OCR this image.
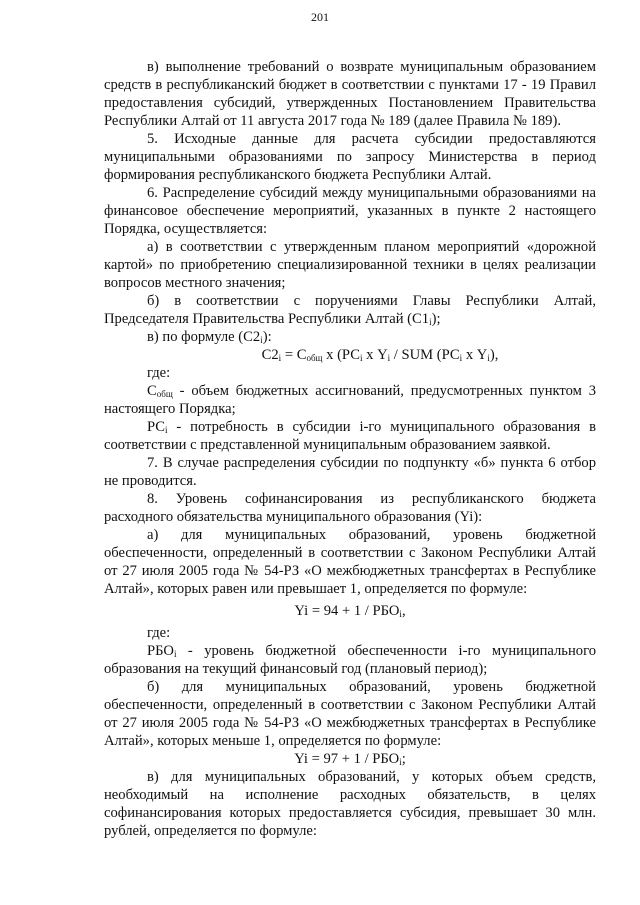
201

в) выполнение требований о возврате муниципальным образованием средств в республиканский бюджет в соответствии с пунктами 17 - 19 Правил предоставления субсидий, утвержденных Постановлением Правительства Республики Алтай от 11 августа 2017 года № 189 (далее Правила № 189).

5. Исходные данные для расчета субсидии предоставляются муниципальными образованиями по запросу Министерства в период формирования республиканского бюджета Республики Алтай.

6. Распределение субсидий между муниципальными образованиями на финансовое обеспечение мероприятий, указанных в пункте 2 настоящего Порядка, осуществляется:

а) в соответствии с утвержденным планом мероприятий «дорожной картой» по приобретению специализированной техники в целях реализации вопросов местного значения;

б) в соответствии с поручениями Главы Республики Алтай, Председателя Правительства Республики Алтай $(С1_i)$;

в) по формуле $(С2_i)$:

$С2_i = С_{общ}$ х ($РС_i$ х $Y_i$ / SUM ($РС_i$ х $Y_i$),

где:

$С_{общ}$ - объем бюджетных ассигнований, предусмотренных пунктом 3 настоящего Порядка;

$РС_i$ - потребность в субсидии i-го муниципального образования в соответствии с представленной муниципальным образованием заявкой.

7. В случае распределения субсидии по подпункту «б» пункта 6 отбор не проводится.

8. Уровень софинансирования из республиканского бюджета расходного обязательства муниципального образования (Yi):

а) для муниципальных образований, уровень бюджетной обеспеченности, определенный в соответствии с Законом Республики Алтай от 27 июля 2005 года № 54-РЗ «О межбюджетных трансфертах в Республике Алтай», которых равен или превышает 1, определяется по формуле:

$Yi = 94 + 1 / РБО_i$,

где:

$РБО_i$ - уровень бюджетной обеспеченности i-го муниципального образования на текущий финансовый год (плановый период);

б) для муниципальных образований, уровень бюджетной обеспеченности, определенный в соответствии с Законом Республики Алтай от 27 июля 2005 года № 54-РЗ «О межбюджетных трансфертах в Республике Алтай», которых меньше 1, определяется по формуле:

$Yi = 97 + 1 / РБО_i$;

в) для муниципальных образований, у которых объем средств, необходимый на исполнение расходных обязательств, в целях софинансирования которых предоставляется субсидия, превышает 30 млн. рублей, определяется по формуле:
